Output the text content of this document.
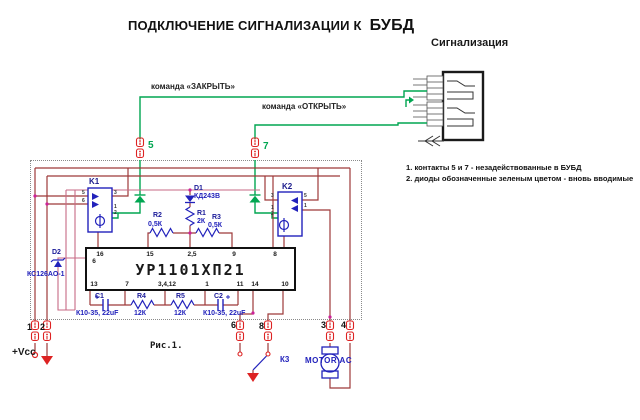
ПОДКЛЮЧЕНИЕ СИГНАЛИЗАЦИИ К БУБД
Сигнализация
команда «ЗАКРЫТЬ»
команда «ОТКРЫТЬ»
5	7
1. контакты 5 и 7 - незадействованные в БУБД
2. диоды обозначенные зеленым цветом - вновь вводимые
УР1101ХП21
16	15	2,5	9	8
6
13	7	3,4,12	1	11 14	10
K1
K2
5
6
3
1
2
3
1
2
5
1
D1
КД243В
D2
КС126АО-1
R2
0,5К
R1
2К
R3
0,5К
C1	R4	R5	C2
К10-35, 22uF 12К	12К К10-35, 22uF
1 2	6	8	3 4
+Vcc
Рис.1.
К3 MOTOR AC
